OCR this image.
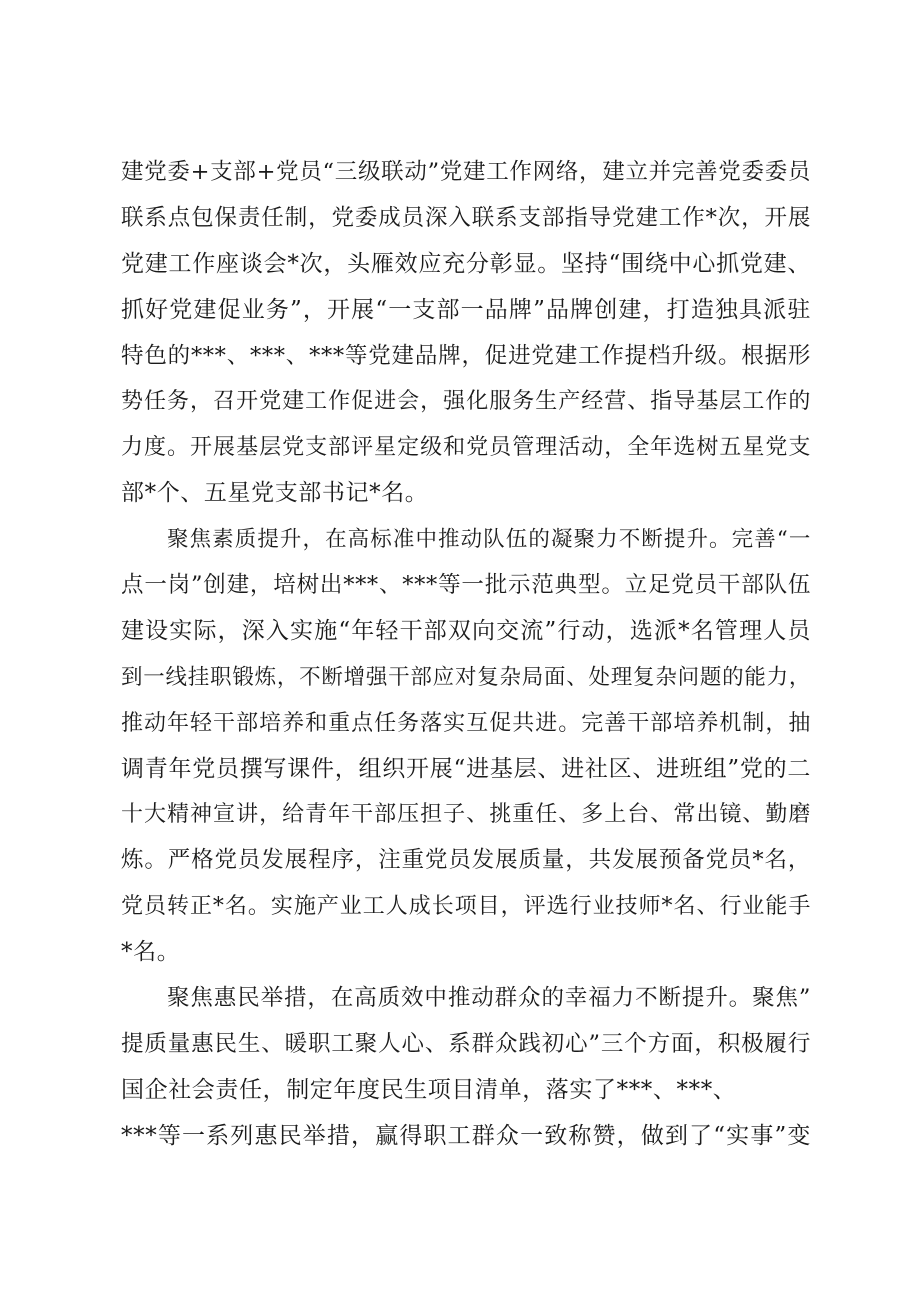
建党委+支部+党员“三级联动”党建工作网络，建立并完善党委委员
联系点包保责任制，党委成员深入联系支部指导党建工作*次，开展
党建工作座谈会*次，头雁效应充分彰显。坚持“围绕中心抓党建、
抓好党建促业务”，开展“一支部一品牌”品牌创建，打造独具派驻
特色的***、***、***等党建品牌，促进党建工作提档升级。根据形
势任务，召开党建工作促进会，强化服务生产经营、指导基层工作的
力度。开展基层党支部评星定级和党员管理活动，全年选树五星党支
部*个、五星党支部书记*名。
聚焦素质提升，在高标准中推动队伍的凝聚力不断提升。完善“一
点一岗”创建，培树出***、***等一批示范典型。立足党员干部队伍
建设实际，深入实施“年轻干部双向交流”行动，选派*名管理人员
到一线挂职锻炼，不断增强干部应对复杂局面、处理复杂问题的能力，
推动年轻干部培养和重点任务落实互促共进。完善干部培养机制，抽
调青年党员撰写课件，组织开展“进基层、进社区、进班组”党的二
十大精神宣讲，给青年干部压担子、挑重任、多上台、常出镜、勤磨
炼。严格党员发展程序，注重党员发展质量，共发展预备党员*名，
党员转正*名。实施产业工人成长项目，评选行业技师*名、行业能手
*名。
聚焦惠民举措，在高质效中推动群众的幸福力不断提升。聚焦”
提质量惠民生、暖职工聚人心、系群众践初心”三个方面，积极履行
国企社会责任，制定年度民生项目清单，落实了***、***、
***等一系列惠民举措，赢得职工群众一致称赞，做到了“实事”变
